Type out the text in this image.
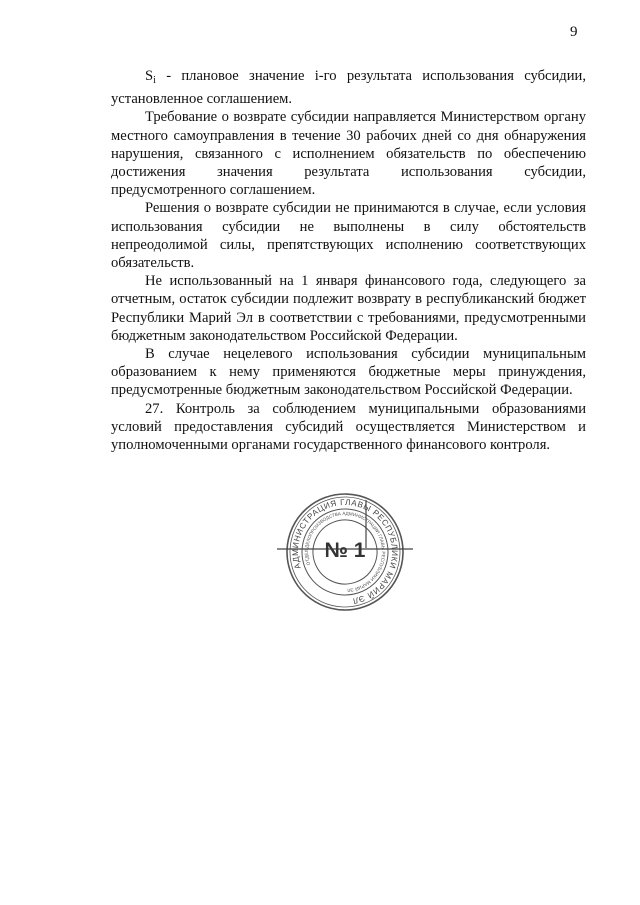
9

$S_i$ - плановое значение i-го результата использования субсидии, установленное соглашением.

Требование о возврате субсидии направляется Министерством органу местного самоуправления в течение 30 рабочих дней со дня обнаружения нарушения, связанного с исполнением обязательств по обеспечению достижения значения результата использования субсидии, предусмотренного соглашением.

Решения о возврате субсидии не принимаются в случае, если условия использования субсидии не выполнены в силу обстоятельств непреодолимой силы, препятствующих исполнению соответствующих обязательств.

Не использованный на 1 января финансового года, следующего за отчетным, остаток субсидии подлежит возврату в республиканский бюджет Республики Марий Эл в соответствии с требованиями, предусмотренными бюджетным законодательством Российской Федерации.

В случае нецелевого использования субсидии муниципальным образованием к нему применяются бюджетные меры принуждения, предусмотренные бюджетным законодательством Российской Федерации.

27. Контроль за соблюдением муниципальными образованиями условий предоставления субсидий осуществляется Министерством и уполномоченными органами государственного финансового контроля.

АДМИНИСТРАЦИЯ ГЛАВЫ РЕСПУБЛИКИ МАРИЙ ЭЛ
ОТДЕЛ ДЕЛОПРОИЗВОДСТВА АДМИНИСТРАЦИИ ГЛАВЫ РЕСПУБЛИКИ МАРИЙ ЭЛ
№ 1
